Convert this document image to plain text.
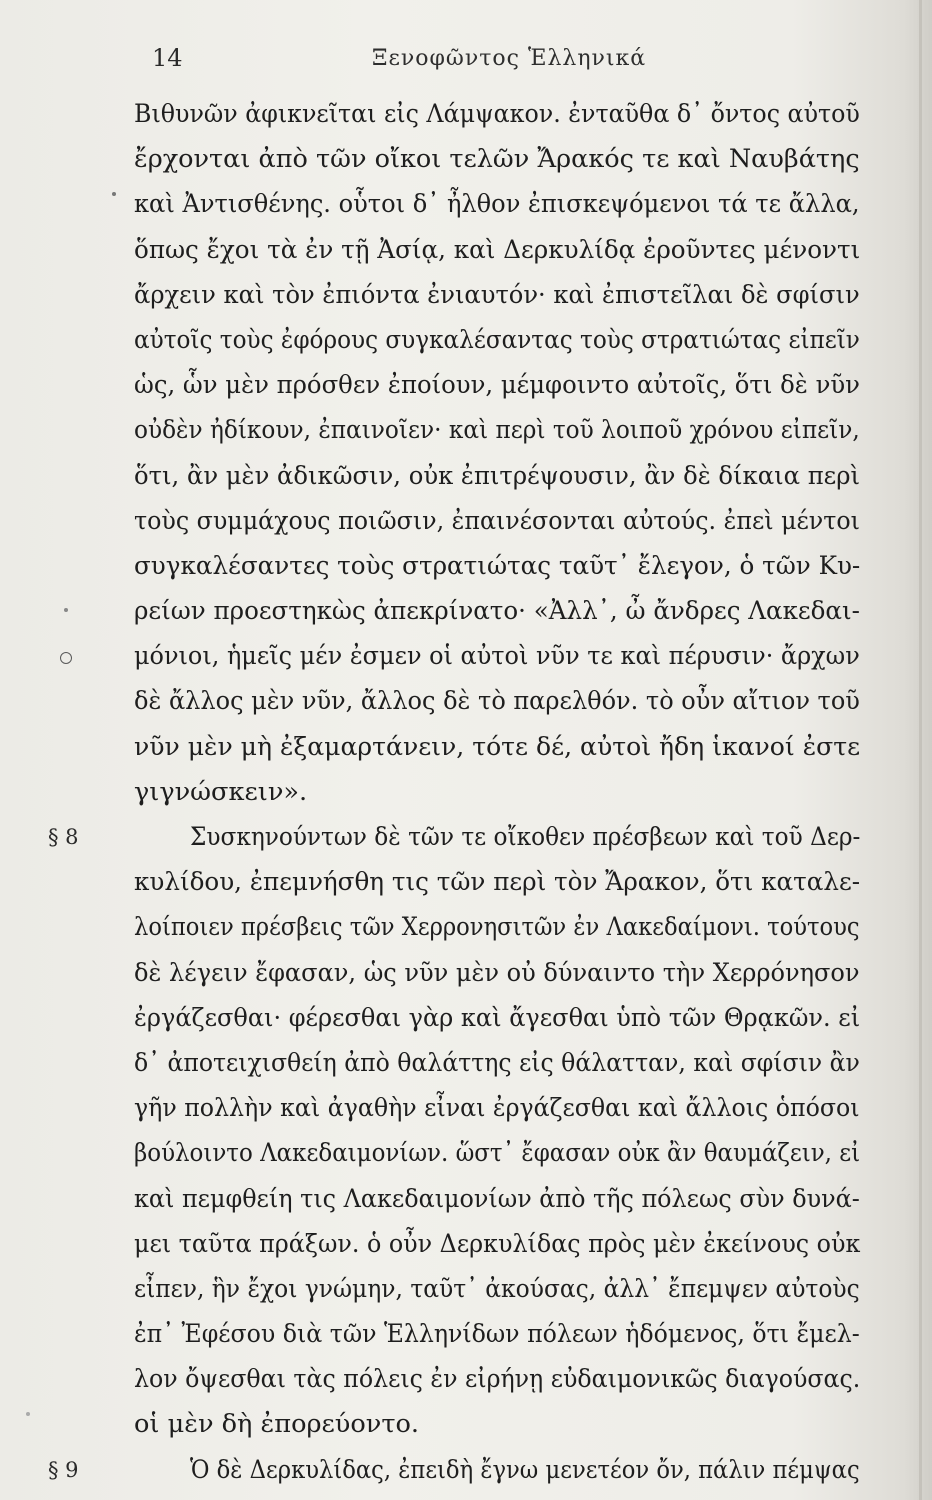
14	Ξενοφῶντος Ἑλληνικά
Βιθυνῶν ἀφικνεῖται εἰς Λάμψακον. ἐνταῦθα δ᾽ ὄντος αὐτοῦ
ἔρχονται ἀπὸ τῶν οἴκοι τελῶν Ἄρακός τε καὶ Ναυβάτης
καὶ Ἀντισθένης. οὗτοι δ᾽ ἦλθον ἐπισκεψόμενοι τά τε ἄλλα,
ὅπως ἔχοι τὰ ἐν τῇ Ἀσίᾳ, καὶ Δερκυλίδᾳ ἐροῦντες μένοντι
ἄρχειν καὶ τὸν ἐπιόντα ἐνιαυτόν· καὶ ἐπιστεῖλαι δὲ σφίσιν
αὐτοῖς τοὺς ἐφόρους συγκαλέσαντας τοὺς στρατιώτας εἰπεῖν
ὡς, ὧν μὲν πρόσθεν ἐποίουν, μέμφοιντο αὐτοῖς, ὅτι δὲ νῦν
οὐδὲν ἠδίκουν, ἐπαινοῖεν· καὶ περὶ τοῦ λοιποῦ χρόνου εἰπεῖν,
ὅτι, ἂν μὲν ἀδικῶσιν, οὐκ ἐπιτρέψουσιν, ἂν δὲ δίκαια περὶ
τοὺς συμμάχους ποιῶσιν, ἐπαινέσονται αὐτούς. ἐπεὶ μέντοι
συγκαλέσαντες τοὺς στρατιώτας ταῦτ᾽ ἔλεγον, ὁ τῶν Κυ-
ρείων προεστηκὼς ἀπεκρίνατο· «Ἀλλ᾽, ὦ ἄνδρες Λακεδαι-
μόνιοι, ἡμεῖς μέν ἐσμεν οἱ αὐτοὶ νῦν τε καὶ πέρυσιν· ἄρχων
δὲ ἄλλος μὲν νῦν, ἄλλος δὲ τὸ παρελθόν. τὸ οὖν αἴτιον τοῦ
νῦν μὲν μὴ ἐξαμαρτάνειν, τότε δέ, αὐτοὶ ἤδη ἱκανοί ἐστε
γιγνώσκειν».
§ 8	Συσκηνούντων δὲ τῶν τε οἴκοθεν πρέσβεων καὶ τοῦ Δερ-
κυλίδου, ἐπεμνήσθη τις τῶν περὶ τὸν Ἄρακον, ὅτι καταλε-
λοίποιεν πρέσβεις τῶν Χερρονησιτῶν ἐν Λακεδαίμονι. τούτους
δὲ λέγειν ἔφασαν, ὡς νῦν μὲν οὐ δύναιντο τὴν Χερρόνησον
ἐργάζεσθαι· φέρεσθαι γὰρ καὶ ἄγεσθαι ὑπὸ τῶν Θρᾳκῶν. εἰ
δ᾽ ἀποτειχισθείη ἀπὸ θαλάττης εἰς θάλατταν, καὶ σφίσιν ἂν
γῆν πολλὴν καὶ ἀγαθὴν εἶναι ἐργάζεσθαι καὶ ἄλλοις ὁπόσοι
βούλοιντο Λακεδαιμονίων. ὥστ᾽ ἔφασαν οὐκ ἂν θαυμάζειν, εἰ
καὶ πεμφθείη τις Λακεδαιμονίων ἀπὸ τῆς πόλεως σὺν δυνά-
μει ταῦτα πράξων. ὁ οὖν Δερκυλίδας πρὸς μὲν ἐκείνους οὐκ
εἶπεν, ἣν ἔχοι γνώμην, ταῦτ᾽ ἀκούσας, ἀλλ᾽ ἔπεμψεν αὐτοὺς
ἐπ᾽ Ἐφέσου διὰ τῶν Ἑλληνίδων πόλεων ἡδόμενος, ὅτι ἔμελ-
λον ὄψεσθαι τὰς πόλεις ἐν εἰρήνῃ εὐδαιμονικῶς διαγούσας.
οἱ μὲν δὴ ἐπορεύοντο.
§ 9	Ὁ δὲ Δερκυλίδας, ἐπειδὴ ἔγνω μενετέον ὄν, πάλιν πέμψας
